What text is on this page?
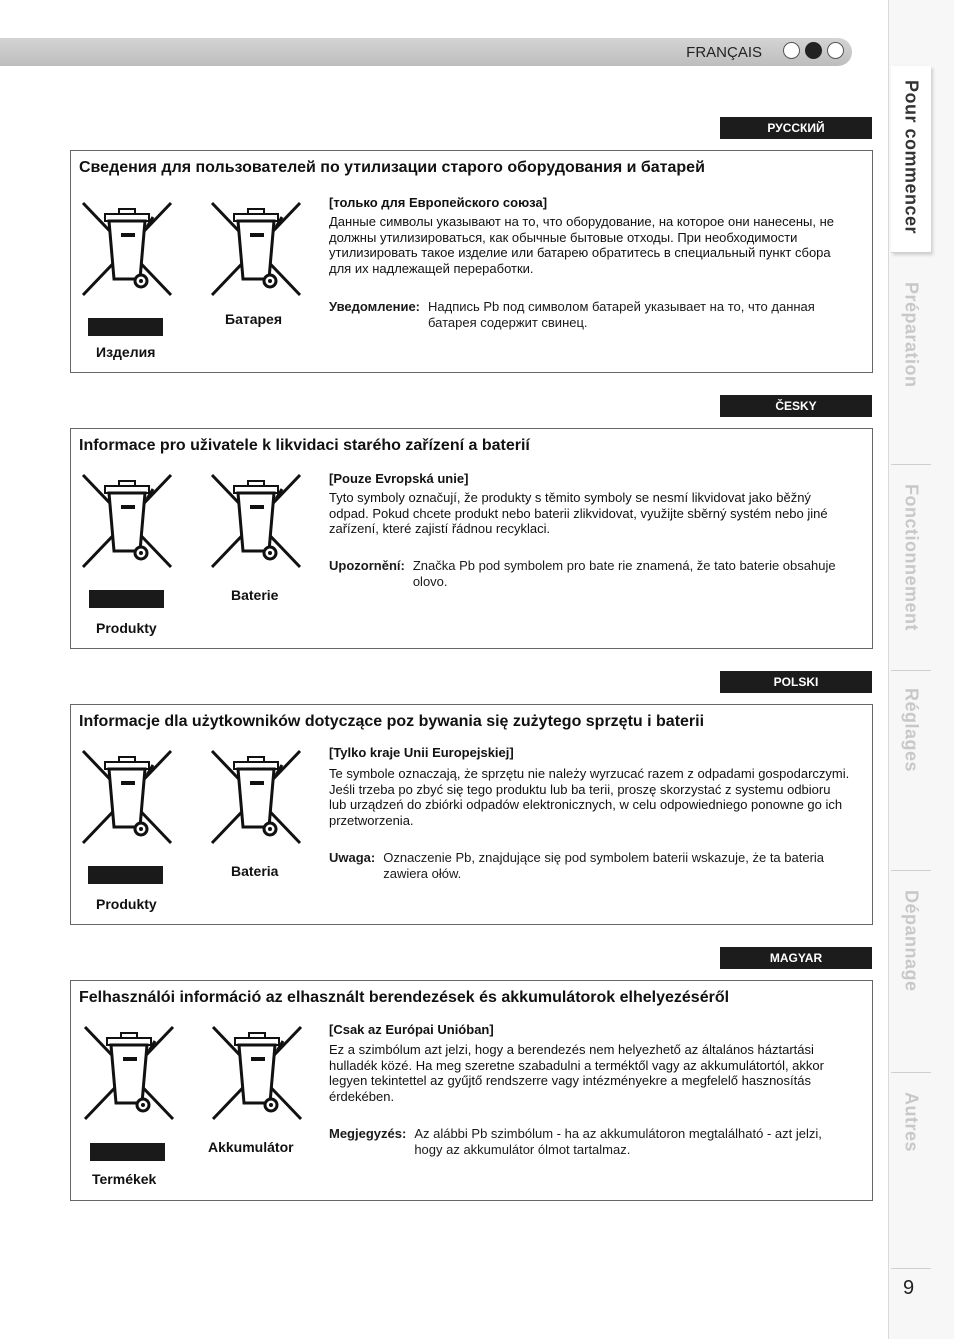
FRANÇAIS
Pour commencer
Préparation
Fonctionnement
Réglages
Dépannage
Autres
9
РУССКИЙ
Сведения для пользователей по утилизации старого оборудования и батарей
Изделия
Батарея
[только для Европейского союза]
Данные символы указывают на то, что оборудование, на которое они нанесены, не должны утилизироваться, как обычные бытовые отходы. При необходимости утилизировать такое изделие или батарею обратитесь в специальный пункт сбора для их надлежащей переработки.
Уведомление: Надпись Pb под символом батарей указывает на то, что данная батарея содержит свинец.
ČESKY
Informace pro uživatele k likvidaci starého zařízení a baterií
Produkty
Baterie
[Pouze Evropská unie]
Tyto symboly označují, že produkty s těmito symboly se nesmí likvidovat jako běžný odpad. Pokud chcete produkt nebo baterii zlikvidovat, využijte sběrný systém nebo jiné zařízení, které zajistí řádnou recyklaci.
Upozornění: Značka Pb pod symbolem pro bate rie znamená, že tato baterie obsahuje olovo.
POLSKI
Informacje dla użytkowników dotyczące poz bywania się zużytego sprzętu i baterii
Produkty
Bateria
[Tylko kraje Unii Europejskiej]
Te symbole oznaczają, że sprzętu nie należy wyrzucać razem z odpadami gospodarczymi. Jeśli trzeba po zbyć się tego produktu lub ba terii, proszę skorzystać z systemu odbioru lub urządzeń do zbiórki odpadów elektronicznych, w celu odpowiedniego ponowne go ich przetworzenia.
Uwaga: Oznaczenie Pb, znajdujące się pod symbolem baterii wskazuje, że ta bateria zawiera ołów.
MAGYAR
Felhasználói információ az elhasznált berendezések és akkumulátorok elhelyezéséről
Termékek
Akkumulátor
[Csak az Európai Unióban]
Ez a szimbólum azt jelzi, hogy a berendezés nem helyezhető az általános háztartási hulladék közé. Ha meg szeretne szabadulni a terméktől vagy az akkumulátortól, akkor legyen tekintettel az gyűjtő rendszerre vagy intézményekre a megfelelő hasznosítás érdekében.
Megjegyzés: Az alábbi Pb szimbólum - ha az akkumulátoron megtalálható - azt jelzi, hogy az akkumulátor ólmot tartalmaz.
